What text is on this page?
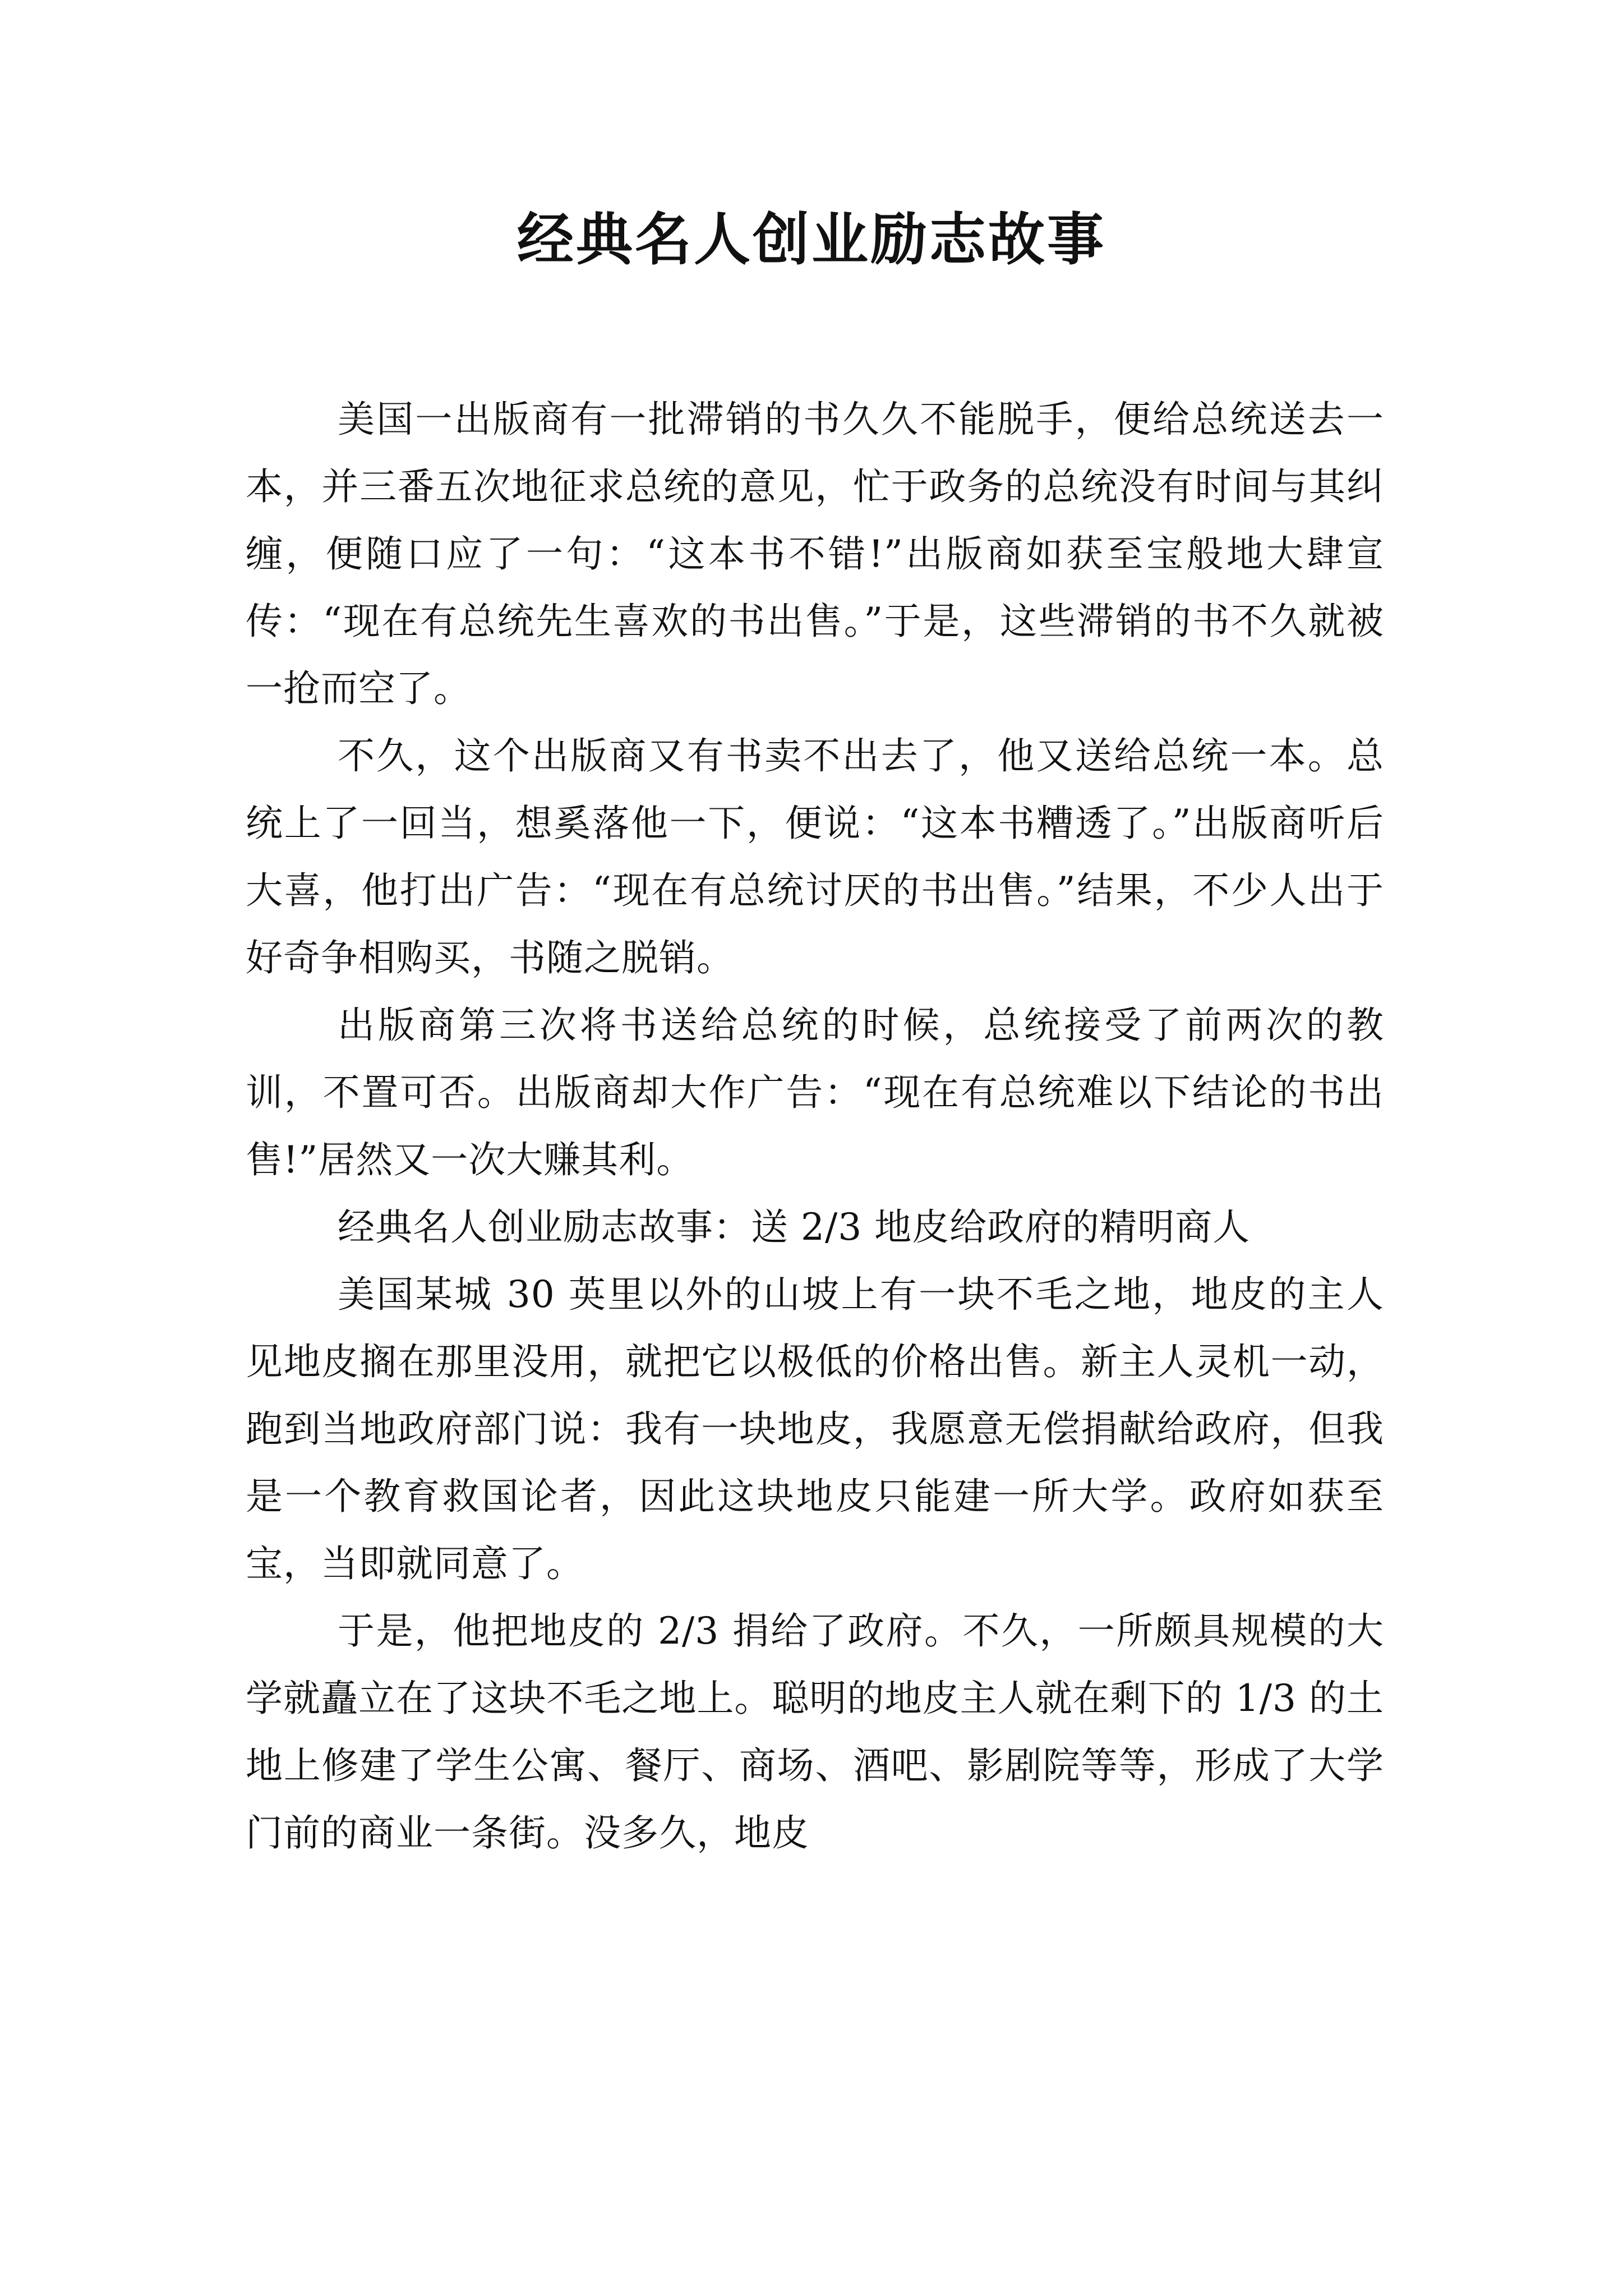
经典名人创业励志故事

美国一出版商有一批滞销的书久久不能脱手，便给总统送去一本，并三番五次地征求总统的意见，忙于政务的总统没有时间与其纠缠，便随口应了一句：“这本书不错!”出版商如获至宝般地大肆宣传：“现在有总统先生喜欢的书出售。”于是，这些滞销的书不久就被一抢而空了。

不久，这个出版商又有书卖不出去了，他又送给总统一本。总统上了一回当，想奚落他一下，便说：“这本书糟透了。”出版商听后大喜，他打出广告：“现在有总统讨厌的书出售。”结果，不少人出于好奇争相购买，书随之脱销。

出版商第三次将书送给总统的时候，总统接受了前两次的教训，不置可否。出版商却大作广告：“现在有总统难以下结论的书出售!”居然又一次大赚其利。

经典名人创业励志故事：送 2/3 地皮给政府的精明商人

美国某城 30 英里以外的山坡上有一块不毛之地，地皮的主人见地皮搁在那里没用，就把它以极低的价格出售。新主人灵机一动，跑到当地政府部门说：我有一块地皮，我愿意无偿捐献给政府，但我是一个教育救国论者，因此这块地皮只能建一所大学。政府如获至宝，当即就同意了。

于是，他把地皮的 2/3 捐给了政府。不久，一所颇具规模的大学就矗立在了这块不毛之地上。聪明的地皮主人就在剩下的 1/3 的土地上修建了学生公寓、餐厅、商场、酒吧、影剧院等等，形成了大学门前的商业一条街。没多久，地皮
